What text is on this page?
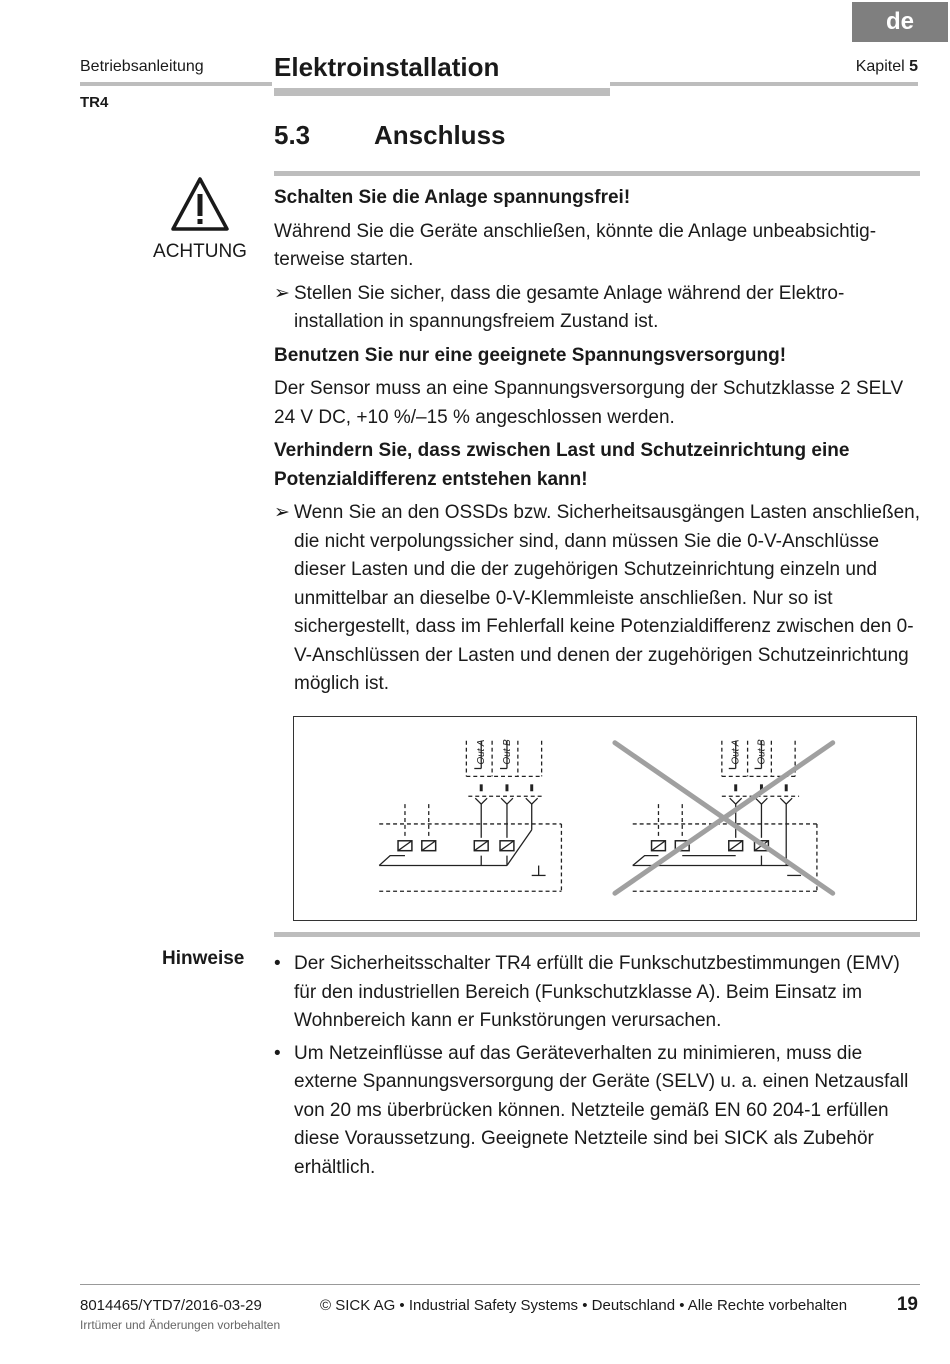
de
Betriebsanleitung
TR4
Elektroinstallation	Kapitel 5
5.3 Anschluss
ACHTUNG

Schalten Sie die Anlage spannungsfrei!

Während Sie die Geräte anschließen, könnte die Anlage unbeabsichtigterweise starten.

➢ Stellen Sie sicher, dass die gesamte Anlage während der Elektroinstallation in spannungsfreiem Zustand ist.

Benutzen Sie nur eine geeignete Spannungsversorgung!

Der Sensor muss an eine Spannungsversorgung der Schutzklasse 2 SELV 24 V DC, +10 %/–15 % angeschlossen werden.

Verhindern Sie, dass zwischen Last und Schutzeinrichtung eine Potenzialdifferenz entstehen kann!

➢ Wenn Sie an den OSSDs bzw. Sicherheitsausgängen Lasten anschließen, die nicht verpolungssicher sind, dann müssen Sie die 0-V-Anschlüsse dieser Lasten und die der zugehörigen Schutzeinrichtung einzeln und unmittelbar an dieselbe 0-V-Klemmleiste anschließen. Nur so ist sichergestellt, dass im Fehlerfall keine Potenzialdifferenz zwischen den 0-V-Anschlüssen der Lasten und denen der zugehörigen Schutzeinrichtung möglich ist.
Out A Out B	Out A Out B
Hinweise • Der Sicherheitsschalter TR4 erfüllt die Funkschutzbestimmungen (EMV) für den industriellen Bereich (Funkschutzklasse A). Beim Einsatz im Wohnbereich kann er Funkstörungen verursachen.
• Um Netzeinflüsse auf das Geräteverhalten zu minimieren, muss die externe Spannungsversorgung der Geräte (SELV) u. a. einen Netzausfall von 20 ms überbrücken können. Netzteile gemäß EN 60 204-1 erfüllen diese Voraussetzung. Geeignete Netzteile sind bei SICK als Zubehör erhältlich.
8014465/YTD7/2016-03-29
Irrtümer und Änderungen vorbehalten
© SICK AG • Industrial Safety Systems • Deutschland • Alle Rechte vorbehalten	19
